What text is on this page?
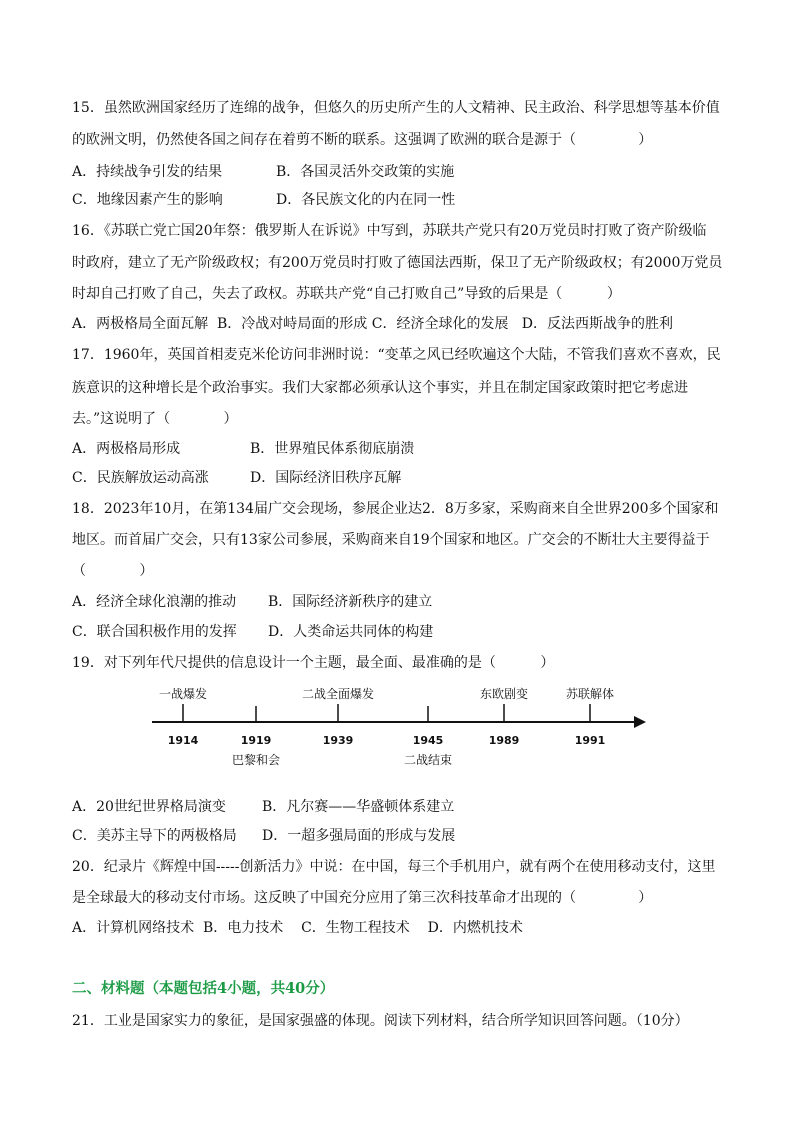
15．虽然欧洲国家经历了连绵的战争，但悠久的历史所产生的人文精神、民主政治、科学思想等基本价值
的欧洲文明，仍然使各国之间存在着剪不断的联系。这强调了欧洲的联合是源于（              ）
A．持续战争引发的结果	B．各国灵活外交政策的实施
C．地缘因素产生的影响	D．各民族文化的内在同一性
16．《苏联亡党亡国20年祭：俄罗斯人在诉说》中写到，苏联共产党只有20万党员时打败了资产阶级临
时政府，建立了无产阶级政权；有200万党员时打败了德国法西斯，保卫了无产阶级政权；有2000万党员
时却自己打败了自己，失去了政权。苏联共产党“自己打败自己”导致的后果是（          ）
A．两极格局全面瓦解  B．冷战对峙局面的形成 C．经济全球化的发展   D．反法西斯战争的胜利
17．1960年，英国首相麦克米伦访问非洲时说：“变革之风已经吹遍这个大陆，不管我们喜欢不喜欢，民
族意识的这种增长是个政治事实。我们大家都必须承认这个事实，并且在制定国家政策时把它考虑进
去。”这说明了（            ）
A．两极格局形成	B．世界殖民体系彻底崩溃
C．民族解放运动高涨	D．国际经济旧秩序瓦解
18．2023年10月，在第134届广交会现场，参展企业达2．8万多家，采购商来自全世界200多个国家和
地区。而首届广交会，只有13家公司参展，采购商来自19个国家和地区。广交会的不断壮大主要得益于
（            ）
A．经济全球化浪潮的推动 B．国际经济新秩序的建立
C．联合国积极作用的发挥 D．人类命运共同体的构建
19．对下列年代尺提供的信息设计一个主题，最全面、最准确的是（          ）
1914	1919	1939	1945	1989	1991
一战爆发	二战全面爆发	东欧剧变	苏联解体
巴黎和会	二战结束
A．20世纪世界格局演变	B．凡尔赛——华盛顿体系建立
C．美苏主导下的两极格局 D．一超多强局面的形成与发展
20．纪录片《辉煌中国-----创新活力》中说：在中国，每三个手机用户，就有两个在使用移动支付，这里
是全球最大的移动支付市场。这反映了中国充分应用了第三次科技革命才出现的（              ）
A．计算机网络技术  B．电力技术    C．生物工程技术    D．内燃机技术
二、材料题（本题包括4小题，共40分）
21．工业是国家实力的象征，是国家强盛的体现。阅读下列材料，结合所学知识回答问题。（10分）
